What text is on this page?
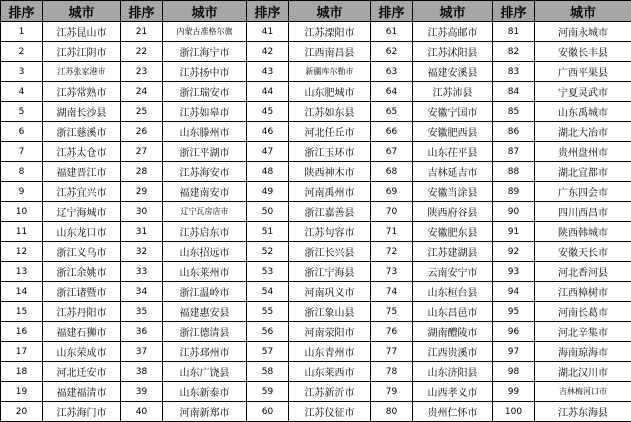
排序	城市	排序	城市	排序	城市	排序	城市	排序	城市
1	江苏昆山市	21	内蒙古准格尔旗	41	江苏溧阳市	61	江苏高邮市	81	河南永城市
2	江苏江阴市	22	浙江海宁市	42	江西南昌县	62	江苏沭阳县	82	安徽长丰县
3	江苏张家港市	23	江苏扬中市	43	新疆库尔勒市	63	福建安溪县	83	广西平果县
4	江苏常熟市	24	浙江瑞安市	44	山东肥城市	64	江苏沛县	84	宁夏灵武市
5	湖南长沙县	25	江苏如皋市	45	江苏如东县	65	安徽宁国市	85	山东禹城市
6	浙江慈溪市	26	山东滕州市	46	河北任丘市	66	安徽肥西县	86	湖北大冶市
7	江苏太仓市	27	浙江平湖市	47	浙江玉环市	67	山东茌平县	87	贵州盘州市
8	福建晋江市	28	江苏海安市	48	陕西神木市	68	吉林延吉市	88	湖北宜都市
9	江苏宜兴市	29	福建南安市	49	河南禹州市	69	安徽当涂县	89	广东四会市
10	辽宁海城市	30	辽宁瓦房店市	50	浙江嘉善县	70	陕西府谷县	90	四川西昌市
11	山东龙口市	31	江苏启东市	51	江苏句容市	71	安徽肥东县	91	陕西韩城市
12	浙江义乌市	32	山东招远市	52	浙江长兴县	72	江苏建湖县	92	安徽天长市
13	浙江余姚市	33	山东莱州市	53	浙江宁海县	73	云南安宁市	93	河北香河县
14	浙江诸暨市	34	浙江温岭市	54	河南巩义市	74	山东桓台县	94	江西樟树市
15	江苏丹阳市	35	福建惠安县	55	浙江象山县	75	山东昌邑市	95	河南长葛市
16	福建石狮市	36	浙江德清县	56	河南荥阳市	76	湖南醴陵市	96	河北辛集市
17	山东荣成市	37	江苏邳州市	57	山东青州市	77	江西贵溪市	97	海南琼海市
18	河北迁安市	38	山东广饶县	58	山东莱西市	78	山东济阳县	98	湖北汉川市
19	福建福清市	39	山东新泰市	59	江苏新沂市	79	山西孝义市	99	吉林梅河口市
20	江苏海门市	40	河南新郑市	60	江苏仪征市	80	贵州仁怀市	100	江苏东海县
